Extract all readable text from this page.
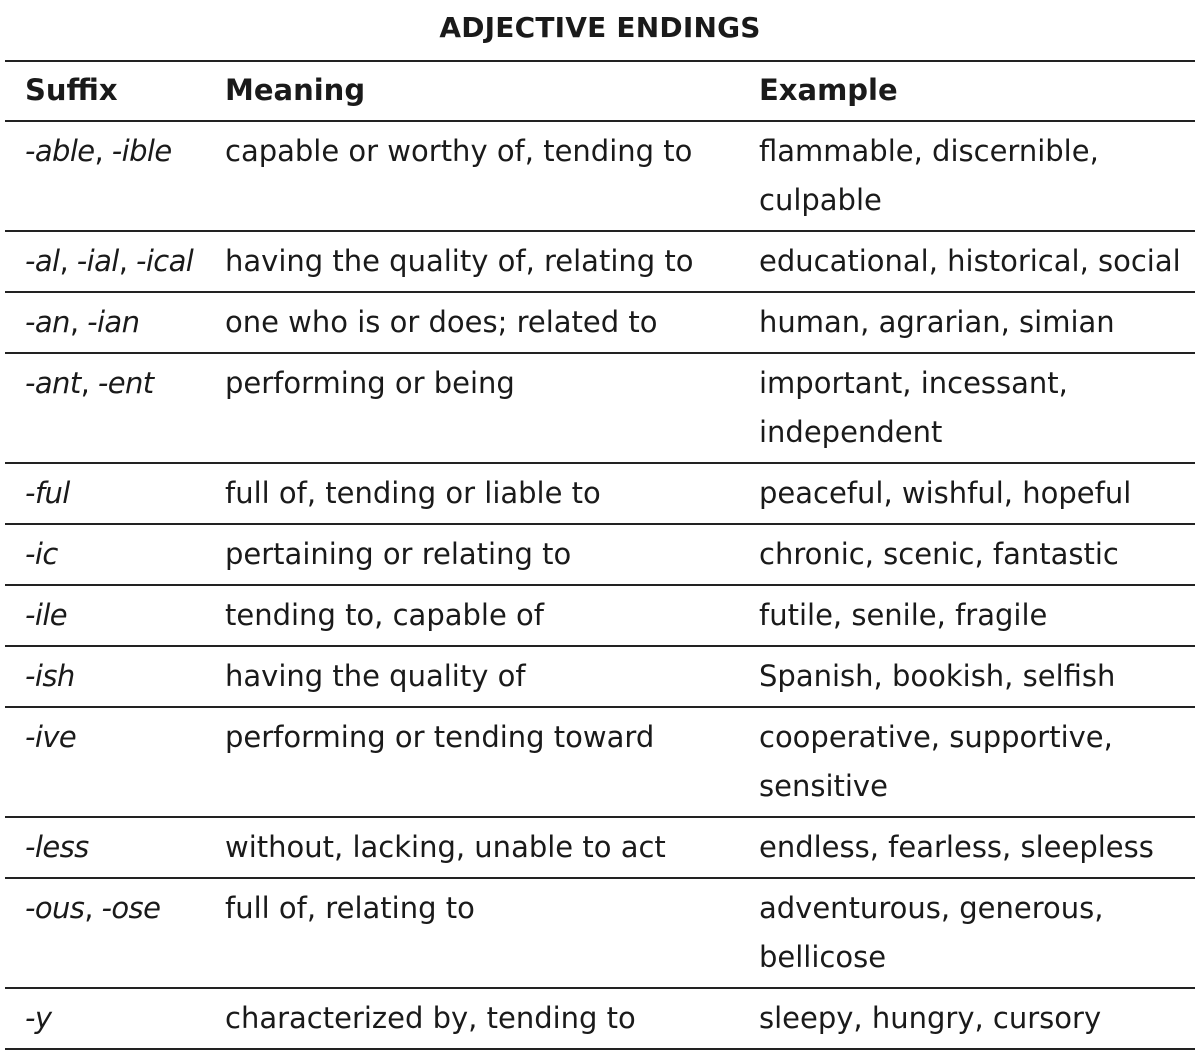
ADJECTIVE ENDINGS
Suffix	Meaning	Example
-able, -ible	capable or worthy of, tending to	flammable, discernible, culpable
-al, -ial, -ical	having the quality of, relating to	educational, historical, social
-an, -ian	one who is or does; related to	human, agrarian, simian
-ant, -ent	performing or being	important, incessant, independent
-ful	full of, tending or liable to	peaceful, wishful, hopeful
-ic	pertaining or relating to	chronic, scenic, fantastic
-ile	tending to, capable of	futile, senile, fragile
-ish	having the quality of	Spanish, bookish, selfish
-ive	performing or tending toward	cooperative, supportive, sensitive
-less	without, lacking, unable to act	endless, fearless, sleepless
-ous, -ose	full of, relating to	adventurous, generous, bellicose
-y	characterized by, tending to	sleepy, hungry, cursory
